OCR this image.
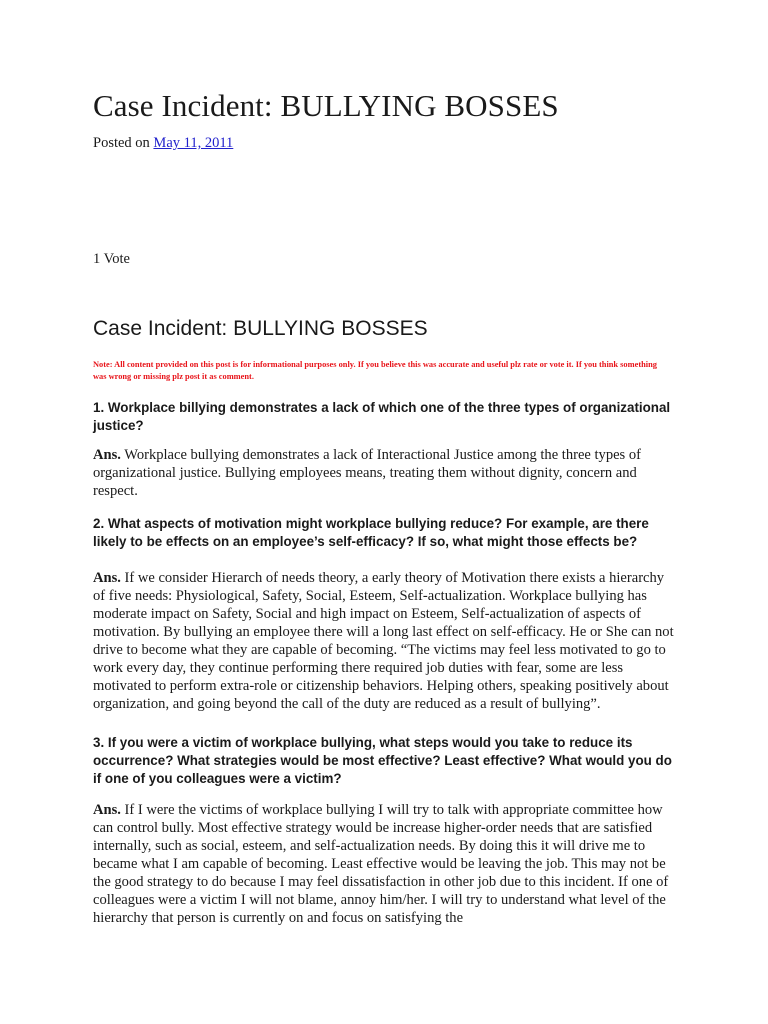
Case Incident: BULLYING BOSSES
Posted on May 11, 2011
1 Vote
Case Incident: BULLYING BOSSES

Note: All content provided on this post is for informational purposes only. If you believe this was accurate and useful plz rate or vote it. If you think something was wrong or missing plz post it as comment.

1. Workplace billying demonstrates a lack of which one of the three types of organizational justice?

Ans. Workplace bullying demonstrates a lack of Interactional Justice among the three types of organizational justice. Bullying employees means, treating them without dignity, concern and respect.

2. What aspects of motivation might workplace bullying reduce? For example, are there likely to be effects on an employee’s self-efficacy? If so, what might those effects be?

Ans. If we consider Hierarch of needs theory, a early theory of Motivation there exists a hierarchy of five needs: Physiological, Safety, Social, Esteem, Self-actualization. Workplace bullying has moderate impact on Safety, Social and high impact on Esteem, Self-actualization of aspects of motivation. By bullying an employee there will a long last effect on self-efficacy. He or She can not drive to become what they are capable of becoming. “The victims may feel less motivated to go to work every day, they continue performing there required job duties with fear, some are less motivated to perform extra-role or citizenship behaviors. Helping others, speaking positively about organization, and going beyond the call of the duty are reduced as a result of bullying”.

3. If you were a victim of workplace bullying, what steps would you take to reduce its occurrence? What strategies would be most effective? Least effective? What would you do if one of you colleagues were a victim?

Ans. If I were the victims of workplace bullying I will try to talk with appropriate committee how can control bully. Most effective strategy would be increase higher-order needs that are satisfied internally, such as social, esteem, and self-actualization needs. By doing this it will drive me to became what I am capable of becoming. Least effective would be leaving the job. This may not be the good strategy to do because I may feel dissatisfaction in other job due to this incident. If one of colleagues were a victim I will not blame, annoy him/her. I will try to understand what level of the hierarchy that person is currently on and focus on satisfying the
